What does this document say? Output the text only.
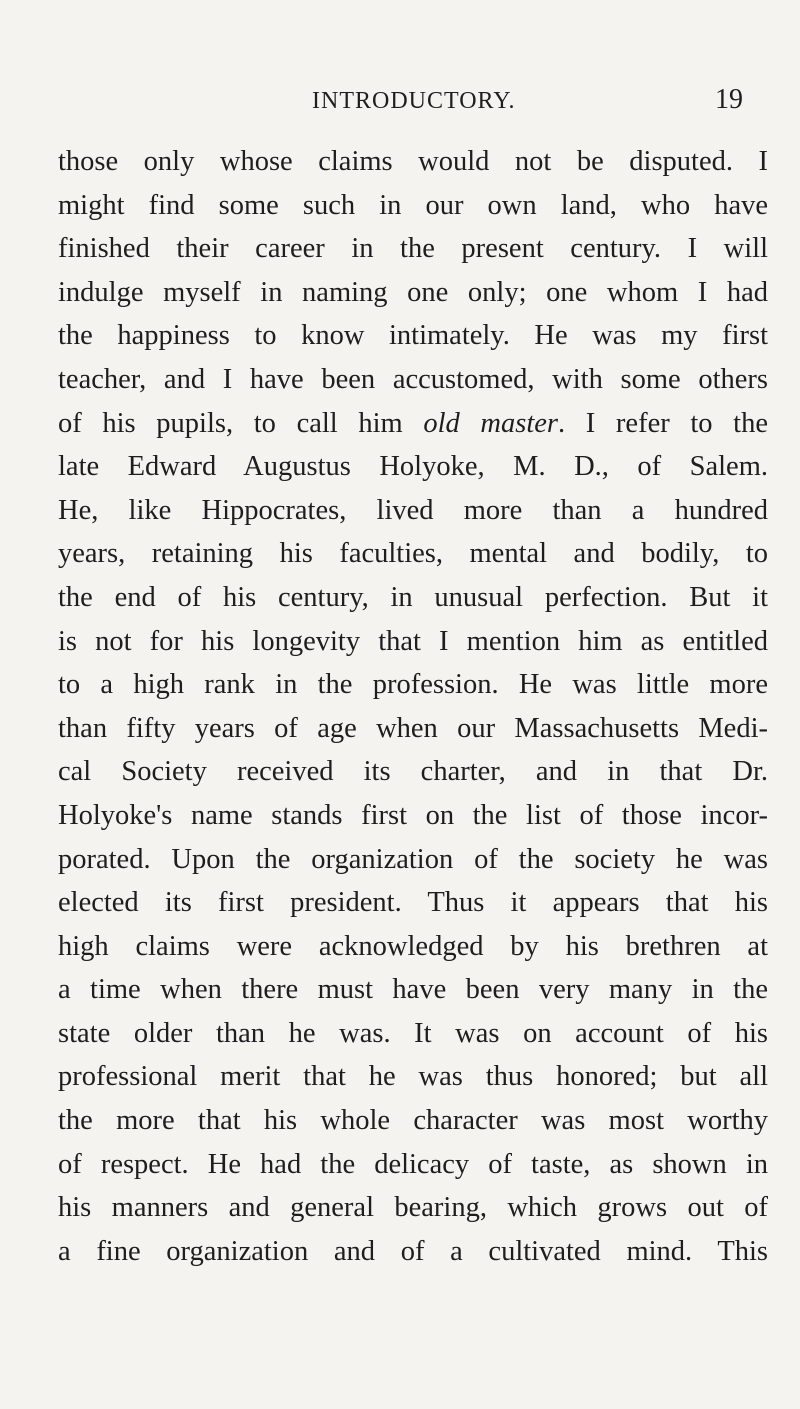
INTRODUCTORY.	19
those only whose claims would not be disputed. I
might find some such in our own land, who have
finished their career in the present century. I will
indulge myself in naming one only; one whom I had
the happiness to know intimately. He was my first
teacher, and I have been accustomed, with some others
of his pupils, to call him old master. I refer to the
late Edward Augustus Holyoke, M. D., of Salem.
He, like Hippocrates, lived more than a hundred
years, retaining his faculties, mental and bodily, to
the end of his century, in unusual perfection. But it
is not for his longevity that I mention him as entitled
to a high rank in the profession. He was little more
than fifty years of age when our Massachusetts Medi-
cal Society received its charter, and in that Dr.
Holyoke's name stands first on the list of those incor-
porated. Upon the organization of the society he was
elected its first president. Thus it appears that his
high claims were acknowledged by his brethren at
a time when there must have been very many in the
state older than he was. It was on account of his
professional merit that he was thus honored; but all
the more that his whole character was most worthy
of respect. He had the delicacy of taste, as shown in
his manners and general bearing, which grows out of
a fine organization and of a cultivated mind. This
